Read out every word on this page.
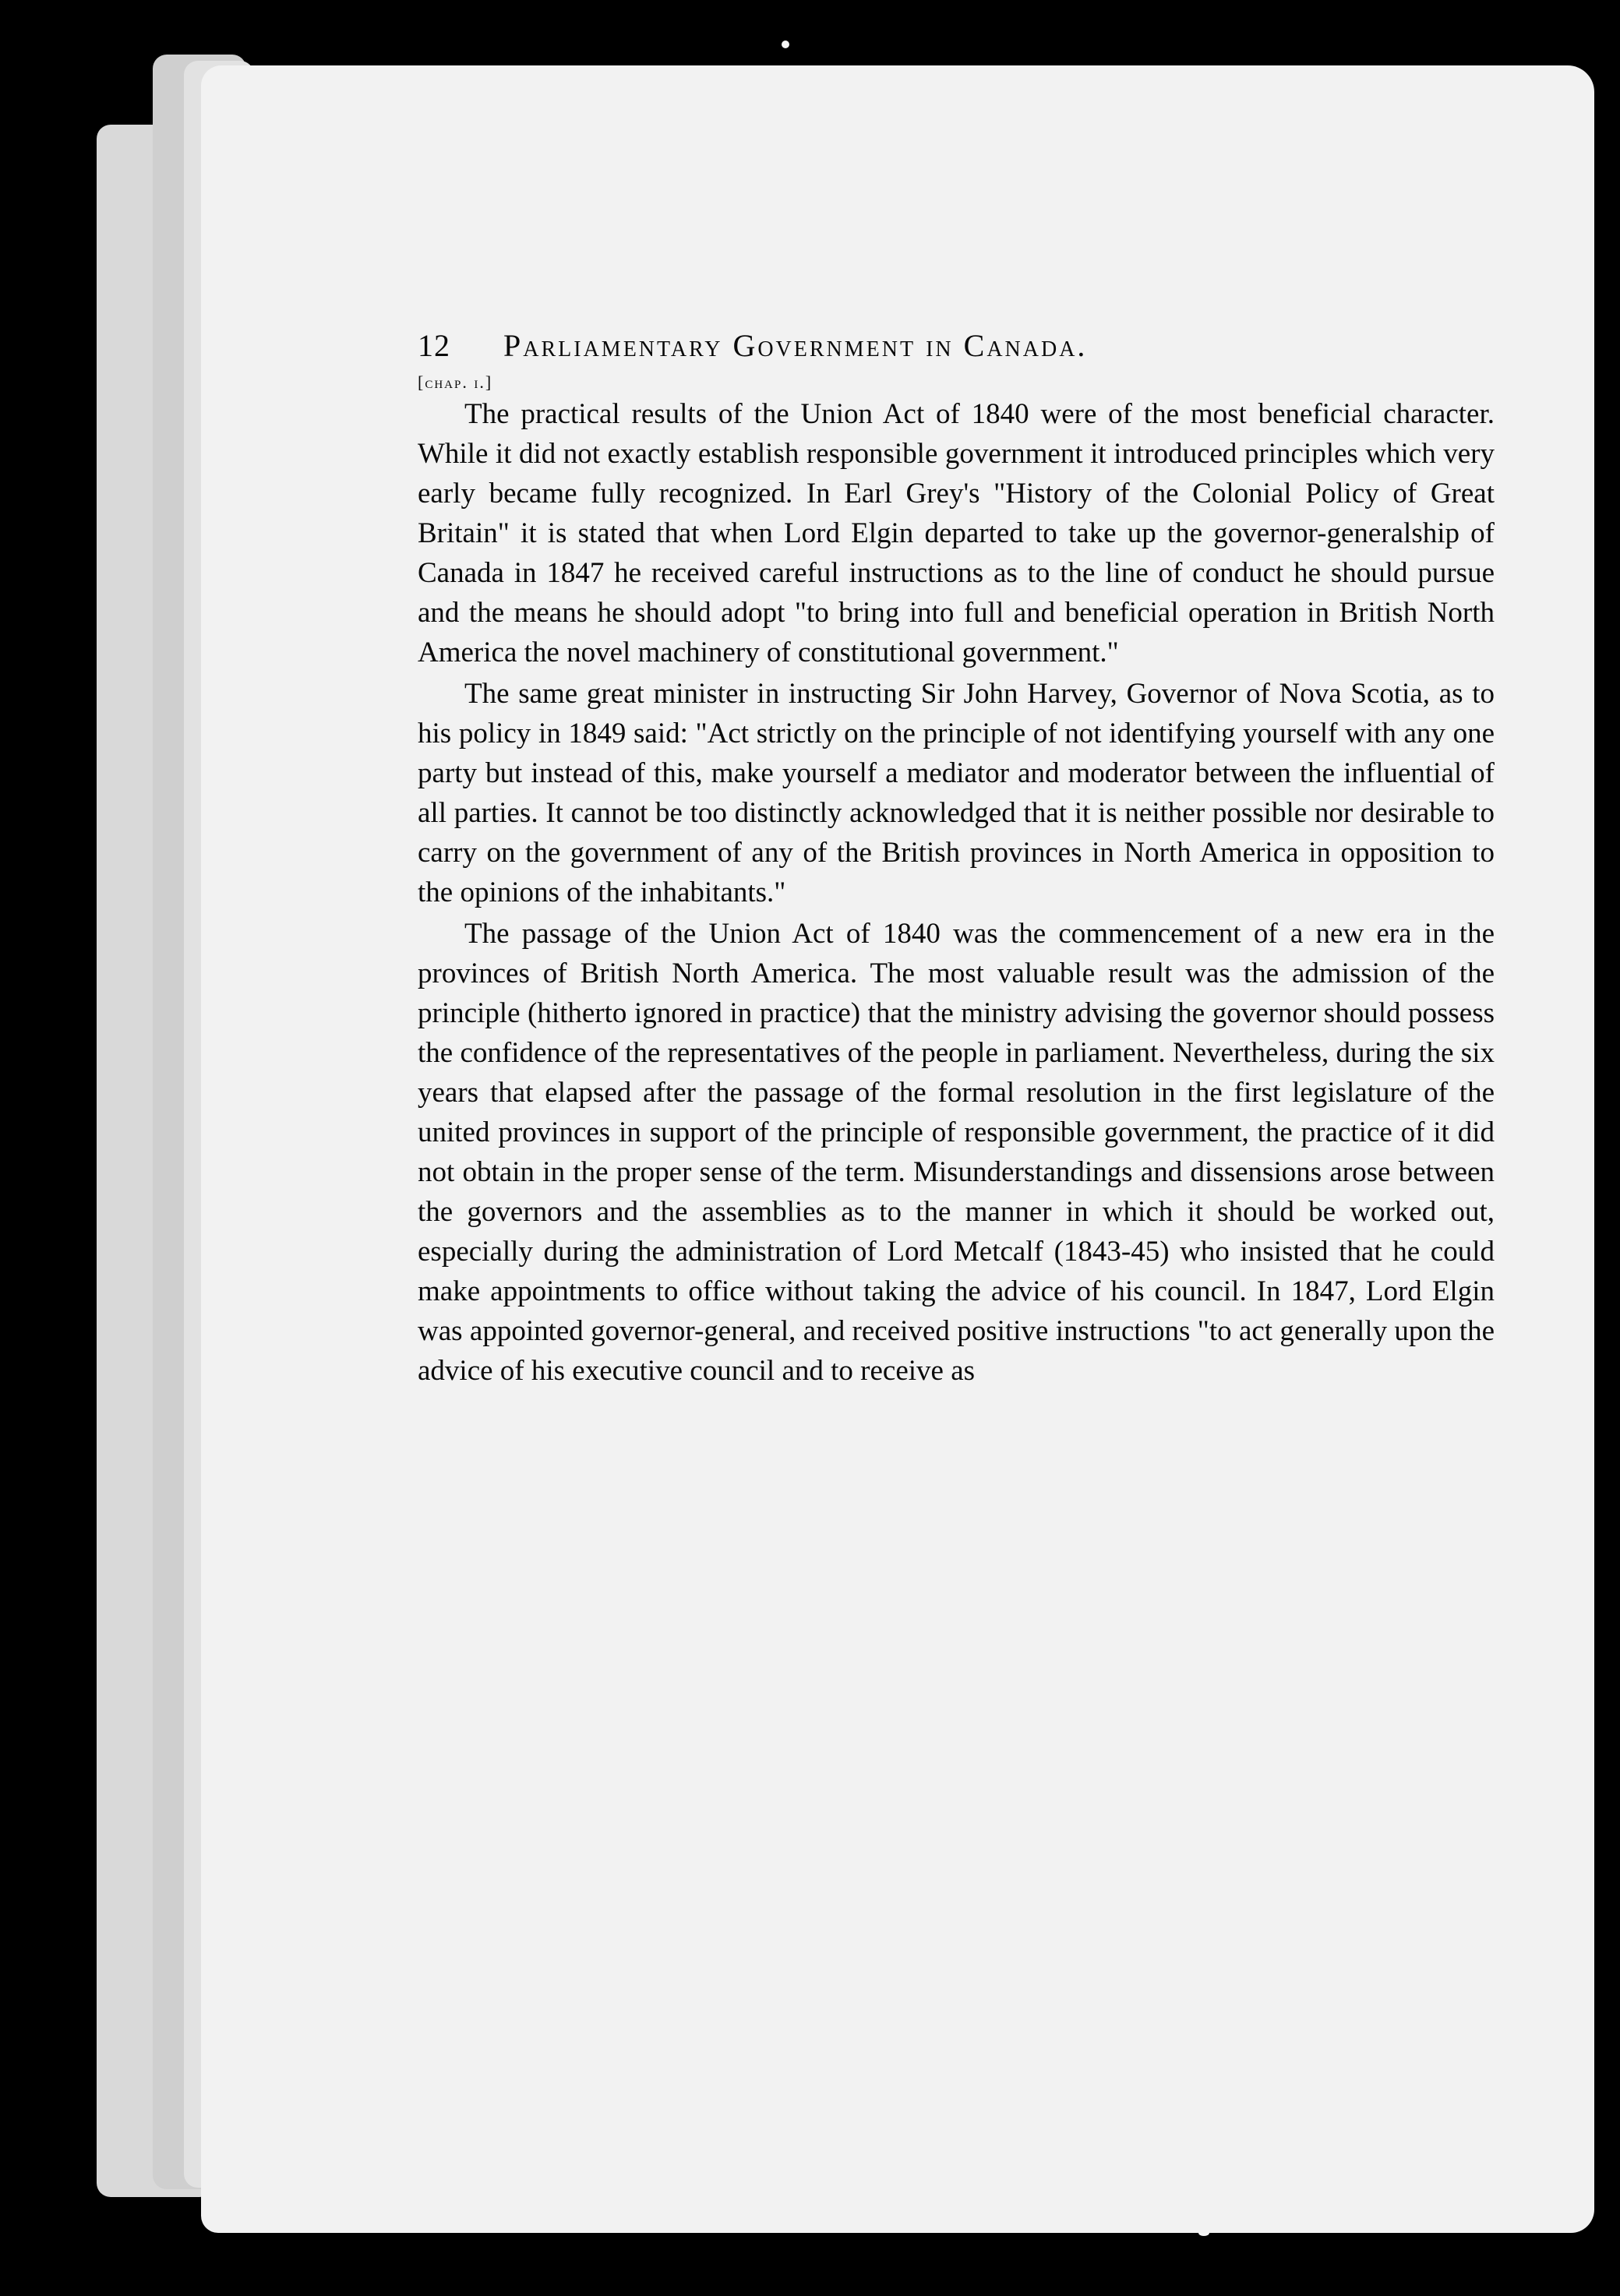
12	Parliamentary Government in Canada.
[chap. i.]

The practical results of the Union Act of 1840 were of the most beneficial character. While it did not exactly establish responsible government it introduced principles which very early became fully recognized. In Earl Grey's "History of the Colonial Policy of Great Britain" it is stated that when Lord Elgin departed to take up the governor-generalship of Canada in 1847 he received careful instructions as to the line of conduct he should pursue and the means he should adopt "to bring into full and beneficial operation in British North America the novel machinery of constitutional government."

The same great minister in instructing Sir John Harvey, Governor of Nova Scotia, as to his policy in 1849 said: "Act strictly on the principle of not identifying yourself with any one party but instead of this, make yourself a mediator and moderator between the influential of all parties. It cannot be too distinctly acknowledged that it is neither possible nor desirable to carry on the government of any of the British provinces in North America in opposition to the opinions of the inhabitants."

The passage of the Union Act of 1840 was the commencement of a new era in the provinces of British North America. The most valuable result was the admission of the principle (hitherto ignored in practice) that the ministry advising the governor should possess the confidence of the representatives of the people in parliament. Nevertheless, during the six years that elapsed after the passage of the formal resolution in the first legislature of the united provinces in support of the principle of responsible government, the practice of it did not obtain in the proper sense of the term. Misunderstandings and dissensions arose between the governors and the assemblies as to the manner in which it should be worked out, especially during the administration of Lord Metcalf (1843-45) who insisted that he could make appointments to office without taking the advice of his council. In 1847, Lord Elgin was appointed governor-general, and received positive instructions "to act generally upon the advice of his executive council and to receive as
